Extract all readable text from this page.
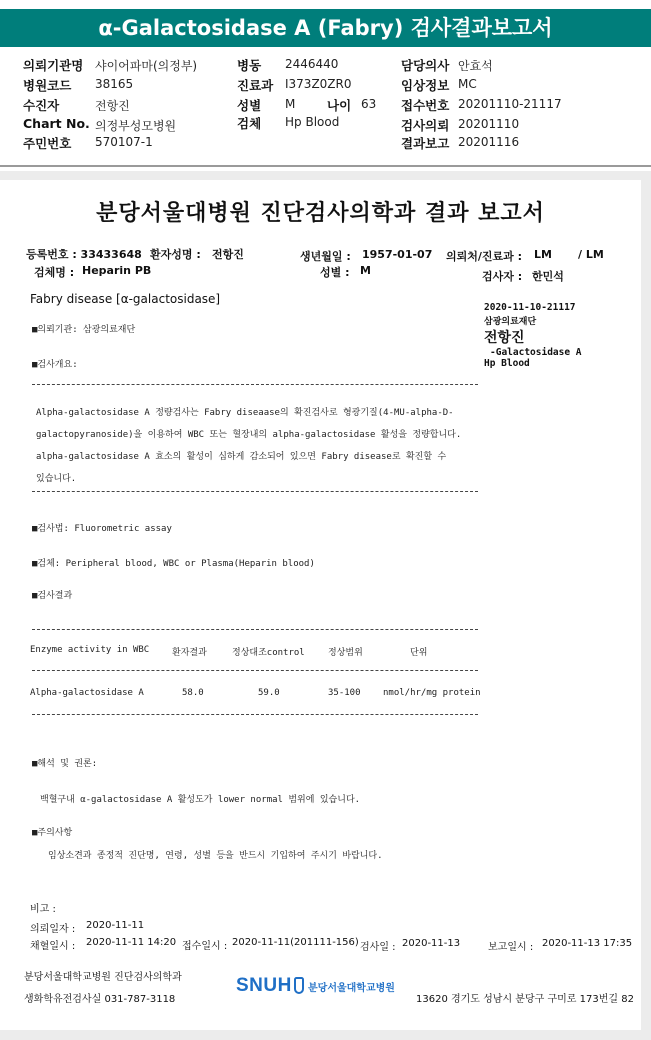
α-Galactosidase A (Fabry) 검사결과보고서
의뢰기관명 샤이어파마(의정부)	병동 2446440	담당의사 안효석
병원코드 38165	진료과 I373Z0ZR0	임상정보 MC
수진자	전항진	성별 M	나이 63 접수번호 20201110-21117
Chart No. 의정부성모병원	검체 Hp Blood	검사의뢰 20201110
주민번호 570107-1	결과보고 20201116
분당서울대병원 진단검사의학과 결과 보고서
등록번호 : 33433648 환자성명 : 전항진	생년월일 : 1957-01-07 의뢰처/진료과 : LM / LM
검체명 : Heparin PB	성별 : M	검사자 : 한민석
Fabry disease [α-galactosidase]
2020-11-10-21117
삼광의료재단
전항진
-Galactosidase A
Hp Blood
■의뢰기관: 삼광의료재단
■검사개요:
Alpha-galactosidase A 정량검사는 Fabry diseaase의 확진검사로 형광기질(4-MU-alpha-D-
galactopyranoside)을 이용하여 WBC 또는 혈장내의 alpha-galactosidase 활성을 정량합니다.
alpha-galactosidase A 효소의 활성이 심하게 감소되어 있으면 Fabry disease로 확진할 수
있습니다.
■검사법: Fluorometric assay
■검체: Peripheral blood, WBC or Plasma(Heparin blood)
■검사결과
Enzyme activity in WBC	환자결과	정상대조control	정상범위	단위
Alpha-galactosidase A	58.0	59.0	35-100 nmol/hr/mg protein
■해석 및 권론:
백혈구내 α-galactosidase A 활성도가 lower normal 범위에 있습니다.
■주의사항
임상소견과 종정적 진단명, 연령, 성별 등을 반드시 기입하여 주시기 바랍니다.
비고 :
의뢰일자 : 2020-11-11
채혈일시 : 2020-11-11 14:20 접수일시 : 2020-11-11(201111-156) 검사일 : 2020-11-13	보고일시 : 2020-11-13 17:35
분당서울대학교병원 진단검사의학과
생화학유전검사실 031-787-3118
SNUH 분당서울대학교병원
13620 경기도 성남시 분당구 구미로 173번길 82
